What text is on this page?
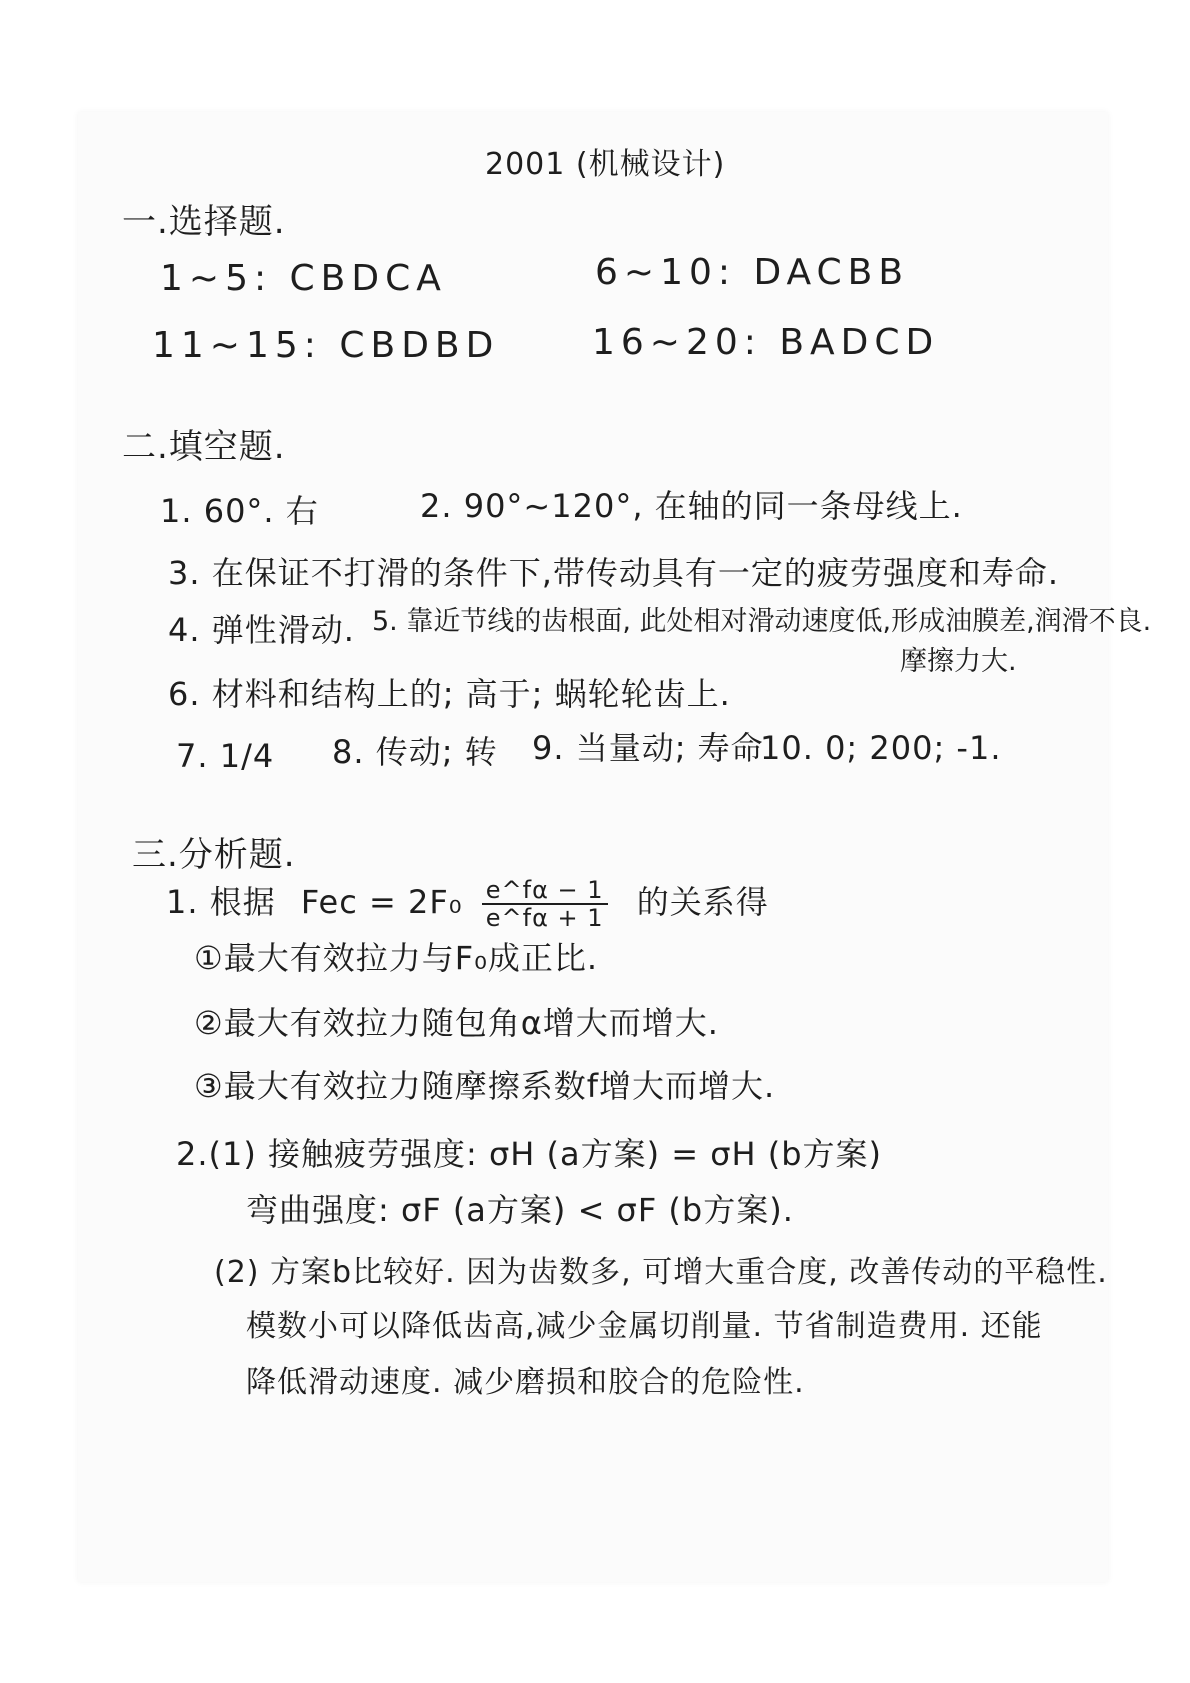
2001 (机械设计)
一.选择题.
1~5: CBDCA	6~10: DACBB
11~15: CBDBD	16~20: BADCD
二.填空题.
1. 60°. 右	2. 90°~120°, 在轴的同一条母线上.
3. 在保证不打滑的条件下,带传动具有一定的疲劳强度和寿命.
4. 弹性滑动. 5. 靠近节线的齿根面, 此处相对滑动速度低,形成油膜差,润滑不良.
摩擦力大.
6. 材料和结构上的; 高于; 蜗轮轮齿上.
7. 1/4 8. 传动; 转 9. 当量动; 寿命
10. 0; 200; -1.
三.分析题.
1. 根据 Fec = $2F_0 \frac{e\^{}f\alpha - 1}{e\^{}f\alpha + 1}$ 的关系得
①最大有效拉力与F₀成正比.
②最大有效拉力随包角α增大而增大.
③最大有效拉力随摩擦系数f增大而增大.
2.(1) 接触疲劳强度: σH (a方案) = σH (b方案)
弯曲强度: σF (a方案) < σF (b方案).
(2) 方案b比较好. 因为齿数多, 可增大重合度, 改善传动的平稳性.
模数小可以降低齿高,减少金属切削量. 节省制造费用. 还能
降低滑动速度. 减少磨损和胶合的危险性.
